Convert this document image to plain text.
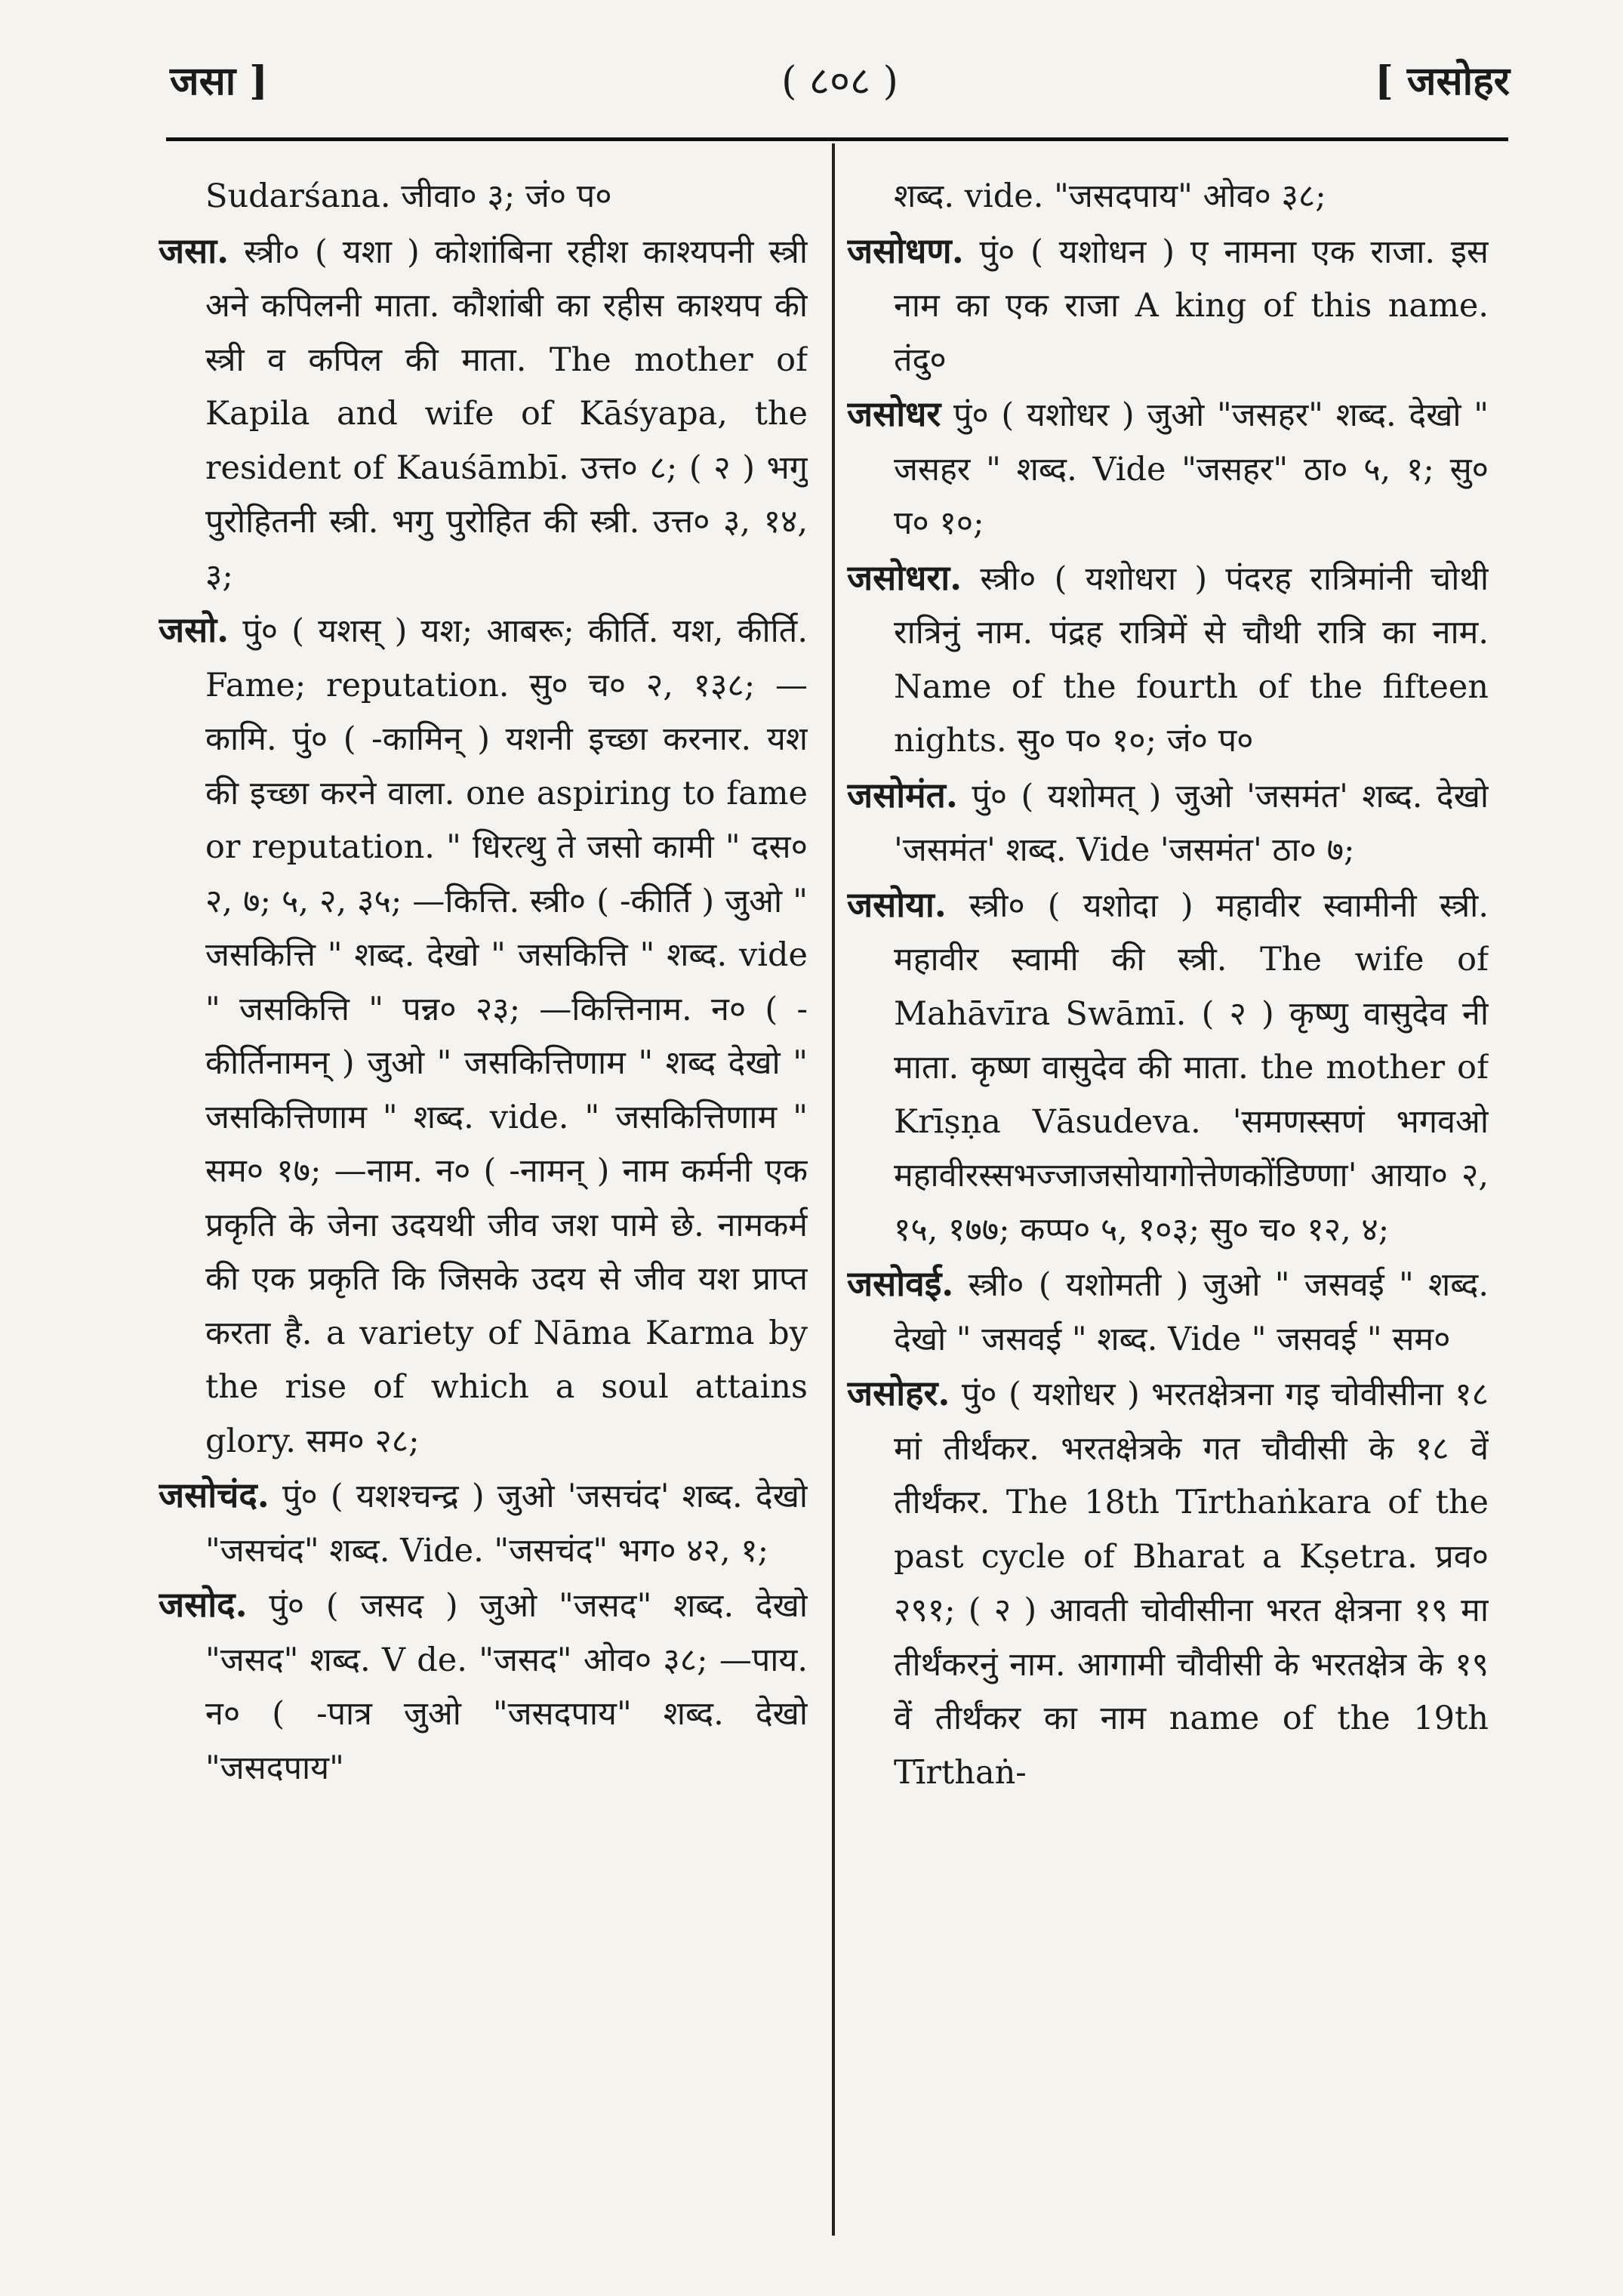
जसा ]	( ८०८ )	[ जसोहर

Sudarśana. जीवा० ३; जं० प०

जसा. स्त्री० ( यशा ) कोशांबिना रहीश काश्यपनी स्त्री अने कपिलनी माता. कौशांबी का रहीस काश्यप की स्त्री व कपिल की माता. The mother of Kapila and wife of Kāśyapa, the resident of Kauśāmbī. उत्त० ८; ( २ ) भगु पुरोहितनी स्त्री. भगु पुरोहित की स्त्री. उत्त० ३, १४, ३;

जसो. पुं० ( यशस् ) यश; आबरू; कीर्ति. यश, कीर्ति. Fame; reputation. सु० च० २, १३८; —कामि. पुं० ( -कामिन् ) यशनी इच्छा करनार. यश की इच्छा करने वाला. one aspiring to fame or reputation. " धिरत्थु ते जसो कामी " दस० २, ७; ५, २, ३५; —कित्ति. स्त्री० ( -कीर्ति ) जुओ " जसकित्ति " शब्द. देखो " जसकित्ति " शब्द. vide " जसकित्ति " पन्न० २३; —कित्तिनाम. न० ( -कीर्तिनामन् ) जुओ " जसकित्तिणाम " शब्द देखो " जसकित्तिणाम " शब्द. vide. " जसकित्तिणाम " सम० १७; —नाम. न० ( -नामन् ) नाम कर्मनी एक प्रकृति के जेना उदयथी जीव जश पामे छे. नामकर्म की एक प्रकृति कि जिसके उदय से जीव यश प्राप्त करता है. a variety of Nāma Karma by the rise of which a soul attains glory. सम० २८;

जसोचंद. पुं० ( यशश्चन्द्र ) जुओ 'जसचंद' शब्द. देखो "जसचंद" शब्द. Vide. "जसचंद" भग० ४२, १;

जसोद. पुं० ( जसद ) जुओ "जसद" शब्द. देखो "जसद" शब्द. V de. "जसद" ओव० ३८; —पाय. न० ( -पात्र जुओ "जसदपाय" शब्द. देखो "जसदपाय"

शब्द. vide. "जसदपाय" ओव० ३८;

जसोधण. पुं० ( यशोधन ) ए नामना एक राजा. इस नाम का एक राजा A king of this name. तंदु०

जसोधर पुं० ( यशोधर ) जुओ "जसहर" शब्द. देखो " जसहर " शब्द. Vide "जसहर" ठा० ५, १; सु० प० १०;

जसोधरा. स्त्री० ( यशोधरा ) पंदरह रात्रिमांनी चोथी रात्रिनुं नाम. पंद्रह रात्रिमें से चौथी रात्रि का नाम. Name of the fourth of the fifteen nights. सु० प० १०; जं० प०

जसोमंत. पुं० ( यशोमत् ) जुओ 'जसमंत' शब्द. देखो 'जसमंत' शब्द. Vide 'जसमंत' ठा० ७;

जसोया. स्त्री० ( यशोदा ) महावीर स्वामीनी स्त्री. महावीर स्वामी की स्त्री. The wife of Mahāvīra Swāmī. ( २ ) कृष्णु वासुदेव नी माता. कृष्ण वासुदेव की माता. the mother of Krīṣṇa Vāsudeva. 'समणस्सणं भगवओ महावीरस्सभज्जाजसोयागोत्तेणकोंडिण्णा' आया० २, १५, १७७; कप्प० ५, १०३; सु० च० १२, ४;

जसोवई. स्त्री० ( यशोमती ) जुओ " जसवई " शब्द. देखो " जसवई " शब्द. Vide " जसवई " सम०

जसोहर. पुं० ( यशोधर ) भरतक्षेत्रना गइ चोवीसीना १८ मां तीर्थंकर. भरतक्षेत्रके गत चौवीसी के १८ वें तीर्थंकर. The 18th Tīrthaṅkara of the past cycle of Bharat a Kṣetra. प्रव० २९१; ( २ ) आवती चोवीसीना भरत क्षेत्रना १९ मा तीर्थंकरनुं नाम. आगामी चौवीसी के भरतक्षेत्र के १९ वें तीर्थंकर का नाम name of the 19th Tīrthaṅ-
